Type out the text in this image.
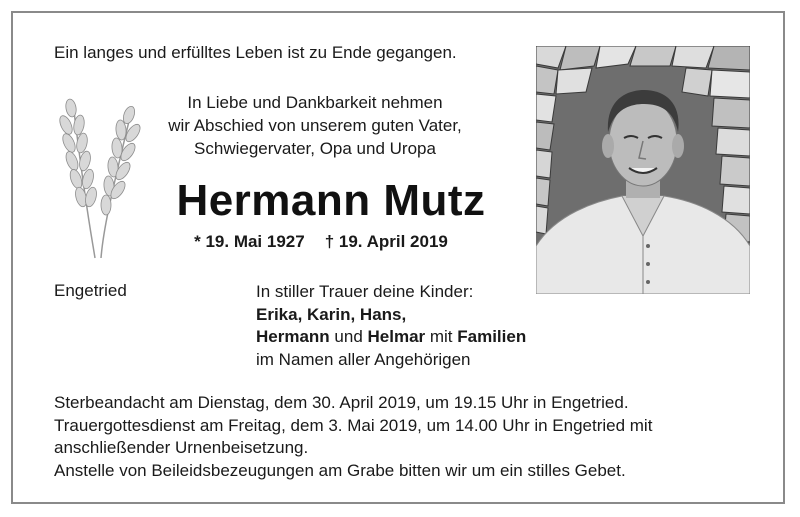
Ein langes und erfülltes Leben ist zu Ende gegangen.
In Liebe und Dankbarkeit nehmen
wir Abschied von unserem guten Vater,
Schwiegervater, Opa und Uropa
Hermann Mutz
* 19. Mai 1927 † 19. April 2019
Engetried	In stiller Trauer deine Kinder:
Erika, Karin, Hans,
Hermann und Helmar mit Familien
im Namen aller Angehörigen
Sterbeandacht am Dienstag, dem 30. April 2019, um 19.15 Uhr in Engetried.
Trauergottesdienst am Freitag, dem 3. Mai 2019, um 14.00 Uhr in Engetried mit
anschließender Urnenbeisetzung.
Anstelle von Beileidsbezeugungen am Grabe bitten wir um ein stilles Gebet.
